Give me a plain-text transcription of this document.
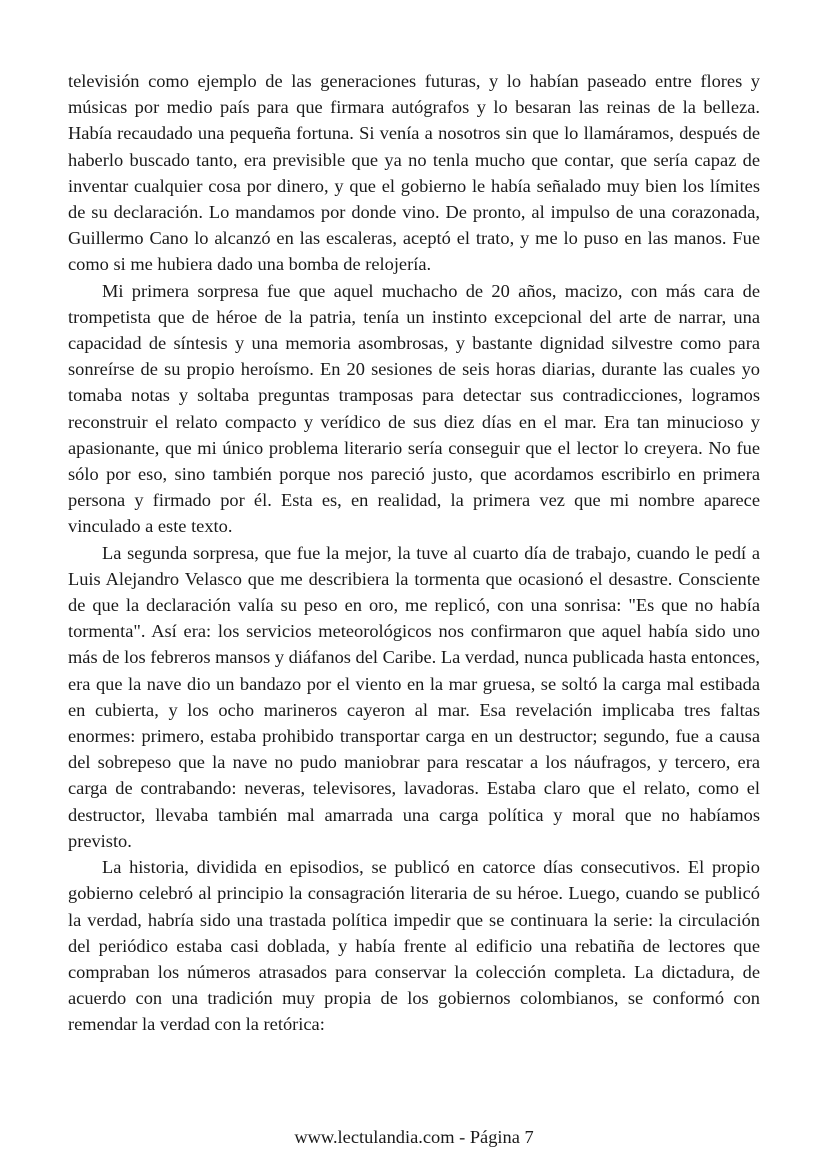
televisión como ejemplo de las generaciones futuras, y lo habían paseado entre flores y músicas por medio país para que firmara autógrafos y lo besaran las reinas de la belleza. Había recaudado una pequeña fortuna. Si venía a nosotros sin que lo llamáramos, después de haberlo buscado tanto, era previsible que ya no tenla mucho que contar, que sería capaz de inventar cualquier cosa por dinero, y que el gobierno le había señalado muy bien los límites de su declaración. Lo mandamos por donde vino. De pronto, al impulso de una corazonada, Guillermo Cano lo alcanzó en las escaleras, aceptó el trato, y me lo puso en las manos. Fue como si me hubiera dado una bomba de relojería.

Mi primera sorpresa fue que aquel muchacho de 20 años, macizo, con más cara de trompetista que de héroe de la patria, tenía un instinto excepcional del arte de narrar, una capacidad de síntesis y una memoria asombrosas, y bastante dignidad silvestre como para sonreírse de su propio heroísmo. En 20 sesiones de seis horas diarias, durante las cuales yo tomaba notas y soltaba preguntas tramposas para detectar sus contradicciones, logramos reconstruir el relato compacto y verídico de sus diez días en el mar. Era tan minucioso y apasionante, que mi único problema literario sería conseguir que el lector lo creyera. No fue sólo por eso, sino también porque nos pareció justo, que acordamos escribirlo en primera persona y firmado por él. Esta es, en realidad, la primera vez que mi nombre aparece vinculado a este texto.

La segunda sorpresa, que fue la mejor, la tuve al cuarto día de trabajo, cuando le pedí a Luis Alejandro Velasco que me describiera la tormenta que ocasionó el desastre. Consciente de que la declaración valía su peso en oro, me replicó, con una sonrisa: "Es que no había tormenta". Así era: los servicios meteorológicos nos confirmaron que aquel había sido uno más de los febreros mansos y diáfanos del Caribe. La verdad, nunca publicada hasta entonces, era que la nave dio un bandazo por el viento en la mar gruesa, se soltó la carga mal estibada en cubierta, y los ocho marineros cayeron al mar. Esa revelación implicaba tres faltas enormes: primero, estaba prohibido transportar carga en un destructor; segundo, fue a causa del sobrepeso que la nave no pudo maniobrar para rescatar a los náufragos, y tercero, era carga de contrabando: neveras, televisores, lavadoras. Estaba claro que el relato, como el destructor, llevaba también mal amarrada una carga política y moral que no habíamos previsto.

La historia, dividida en episodios, se publicó en catorce días consecutivos. El propio gobierno celebró al principio la consagración literaria de su héroe. Luego, cuando se publicó la verdad, habría sido una trastada política impedir que se continuara la serie: la circulación del periódico estaba casi doblada, y había frente al edificio una rebatiña de lectores que compraban los números atrasados para conservar la colección completa. La dictadura, de acuerdo con una tradición muy propia de los gobiernos colombianos, se conformó con remendar la verdad con la retórica:

www.lectulandia.com - Página 7
